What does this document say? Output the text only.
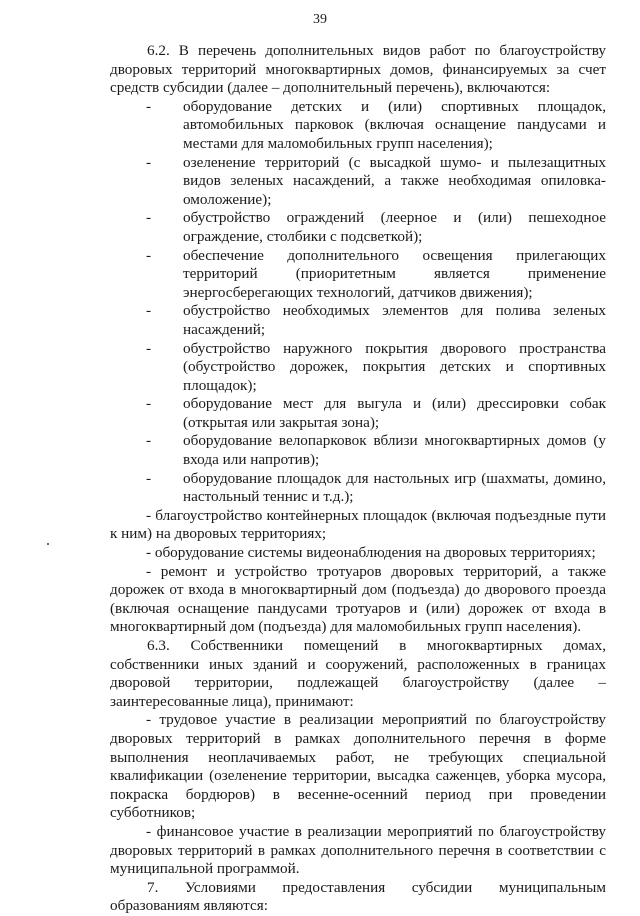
39

6.2. В перечень дополнительных видов работ по благоустройству дворовых территорий многоквартирных домов, финансируемых за счет средств субсидии (далее – дополнительный перечень), включаются:

-	оборудование детских и (или) спортивных площадок, автомобильных парковок (включая оснащение пандусами и местами для маломобильных групп населения);
-	озеленение территорий (с высадкой шумо- и пылезащитных видов зеленых насаждений, а также необходимая опиловка-омоложение);
-	обустройство ограждений (леерное и (или) пешеходное ограждение, столбики с подсветкой);
-	обеспечение дополнительного освещения прилегающих территорий (приоритетным является применение энергосберегающих технологий, датчиков движения);
-	обустройство необходимых элементов для полива зеленых насаждений;
-	обустройство наружного покрытия дворового пространства (обустройство дорожек, покрытия детских и спортивных площадок);
-	оборудование мест для выгула и (или) дрессировки собак (открытая или закрытая зона);
-	оборудование велопарковок вблизи многоквартирных домов (у входа или напротив);
-	оборудование площадок для настольных игр (шахматы, домино, настольный теннис и т.д.);

- благоустройство контейнерных площадок (включая подъездные пути к ним) на дворовых территориях;

- оборудование системы видеонаблюдения на дворовых территориях;

- ремонт и устройство тротуаров дворовых территорий, а также дорожек от входа в многоквартирный дом (подъезда) до дворового проезда (включая оснащение пандусами тротуаров и (или) дорожек от входа в многоквартирный дом (подъезда) для маломобильных групп населения).

6.3. Собственники помещений в многоквартирных домах, собственники иных зданий и сооружений, расположенных в границах дворовой территории, подлежащей благоустройству (далее – заинтересованные лица), принимают:

- трудовое участие в реализации мероприятий по благоустройству дворовых территорий в рамках дополнительного перечня в форме выполнения неоплачиваемых работ, не требующих специальной квалификации (озеленение территории, высадка саженцев, уборка мусора, покраска бордюров) в весенне-осенний период при проведении субботников;

- финансовое участие в реализации мероприятий по благоустройству дворовых территорий в рамках дополнительного перечня в соответствии с муниципальной программой.

7. Условиями предоставления субсидии муниципальным образованиям являются:
